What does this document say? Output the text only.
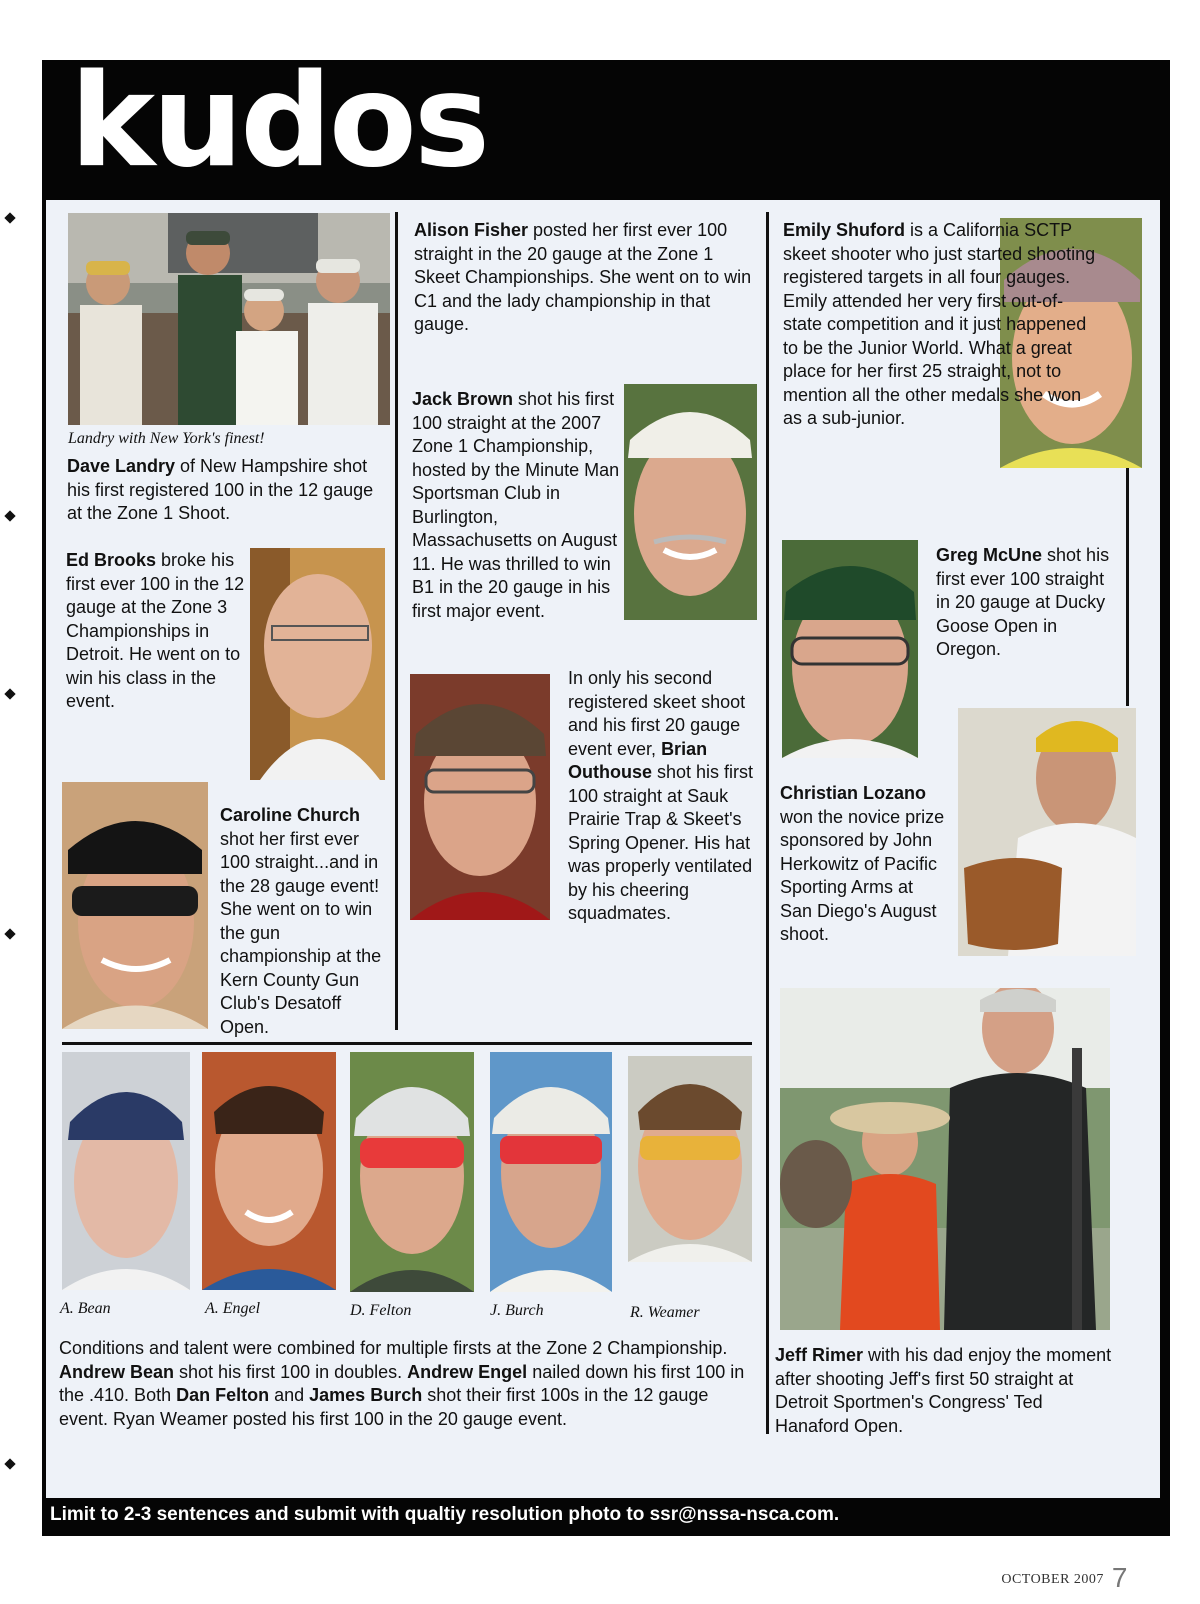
kudos

Landry with New York's finest!

Dave Landry of New Hampshire shot his first registered 100 in the 12 gauge at the Zone 1 Shoot.

Ed Brooks broke his first ever 100 in the 12 gauge at the Zone 3 Championships in Detroit. He went on to win his class in the event.

Caroline Church
shot her first ever 100 straight...and in the 28 gauge event! She went on to win the gun championship at the Kern County Gun Club's Desatoff Open.

Alison Fisher posted her first ever 100 straight in the 20 gauge at the Zone 1 Skeet Championships. She went on to win C1 and the lady championship in that gauge.

Jack Brown shot his first 100 straight at the 2007 Zone 1 Championship, hosted by the Minute Man Sportsman Club in Burlington, Massachusetts on August 11. He was thrilled to win B1 in the 20 gauge in his first major event.

In only his second registered skeet shoot and his first 20 gauge event ever, Brian Outhouse shot his first 100 straight at Sauk Prairie Trap & Skeet's Spring Opener. His hat was properly ventilated by his cheering squadmates.

A. Bean	A. Engel	D. Felton	J. Burch	R. Weamer

Conditions and talent were combined for multiple firsts at the Zone 2 Championship. Andrew Bean shot his first 100 in doubles. Andrew Engel nailed down his first 100 in the .410. Both Dan Felton and James Burch shot their first 100s in the 12 gauge event. Ryan Weamer posted his first 100 in the 20 gauge event.

Emily Shuford is a California SCTP skeet shooter who just started shooting registered targets in all four gauges. Emily attended her very first out-of-state competition and it just happened to be the Junior World. What a great place for her first 25 straight, not to mention all the other medals she won as a sub-junior.

Greg McUne shot his first ever 100 straight in 20 gauge at Ducky Goose Open in Oregon.

Christian Lozano
won the novice prize sponsored by John Herkowitz of Pacific Sporting Arms at San Diego's August shoot.

Jeff Rimer with his dad enjoy the moment after shooting Jeff's first 50 straight at Detroit Sportmen's Congress' Ted Hanaford Open.

Limit to 2-3 sentences and submit with qualtiy resolution photo to ssr@nssa-nsca.com.
OCTOBER 2007 7
